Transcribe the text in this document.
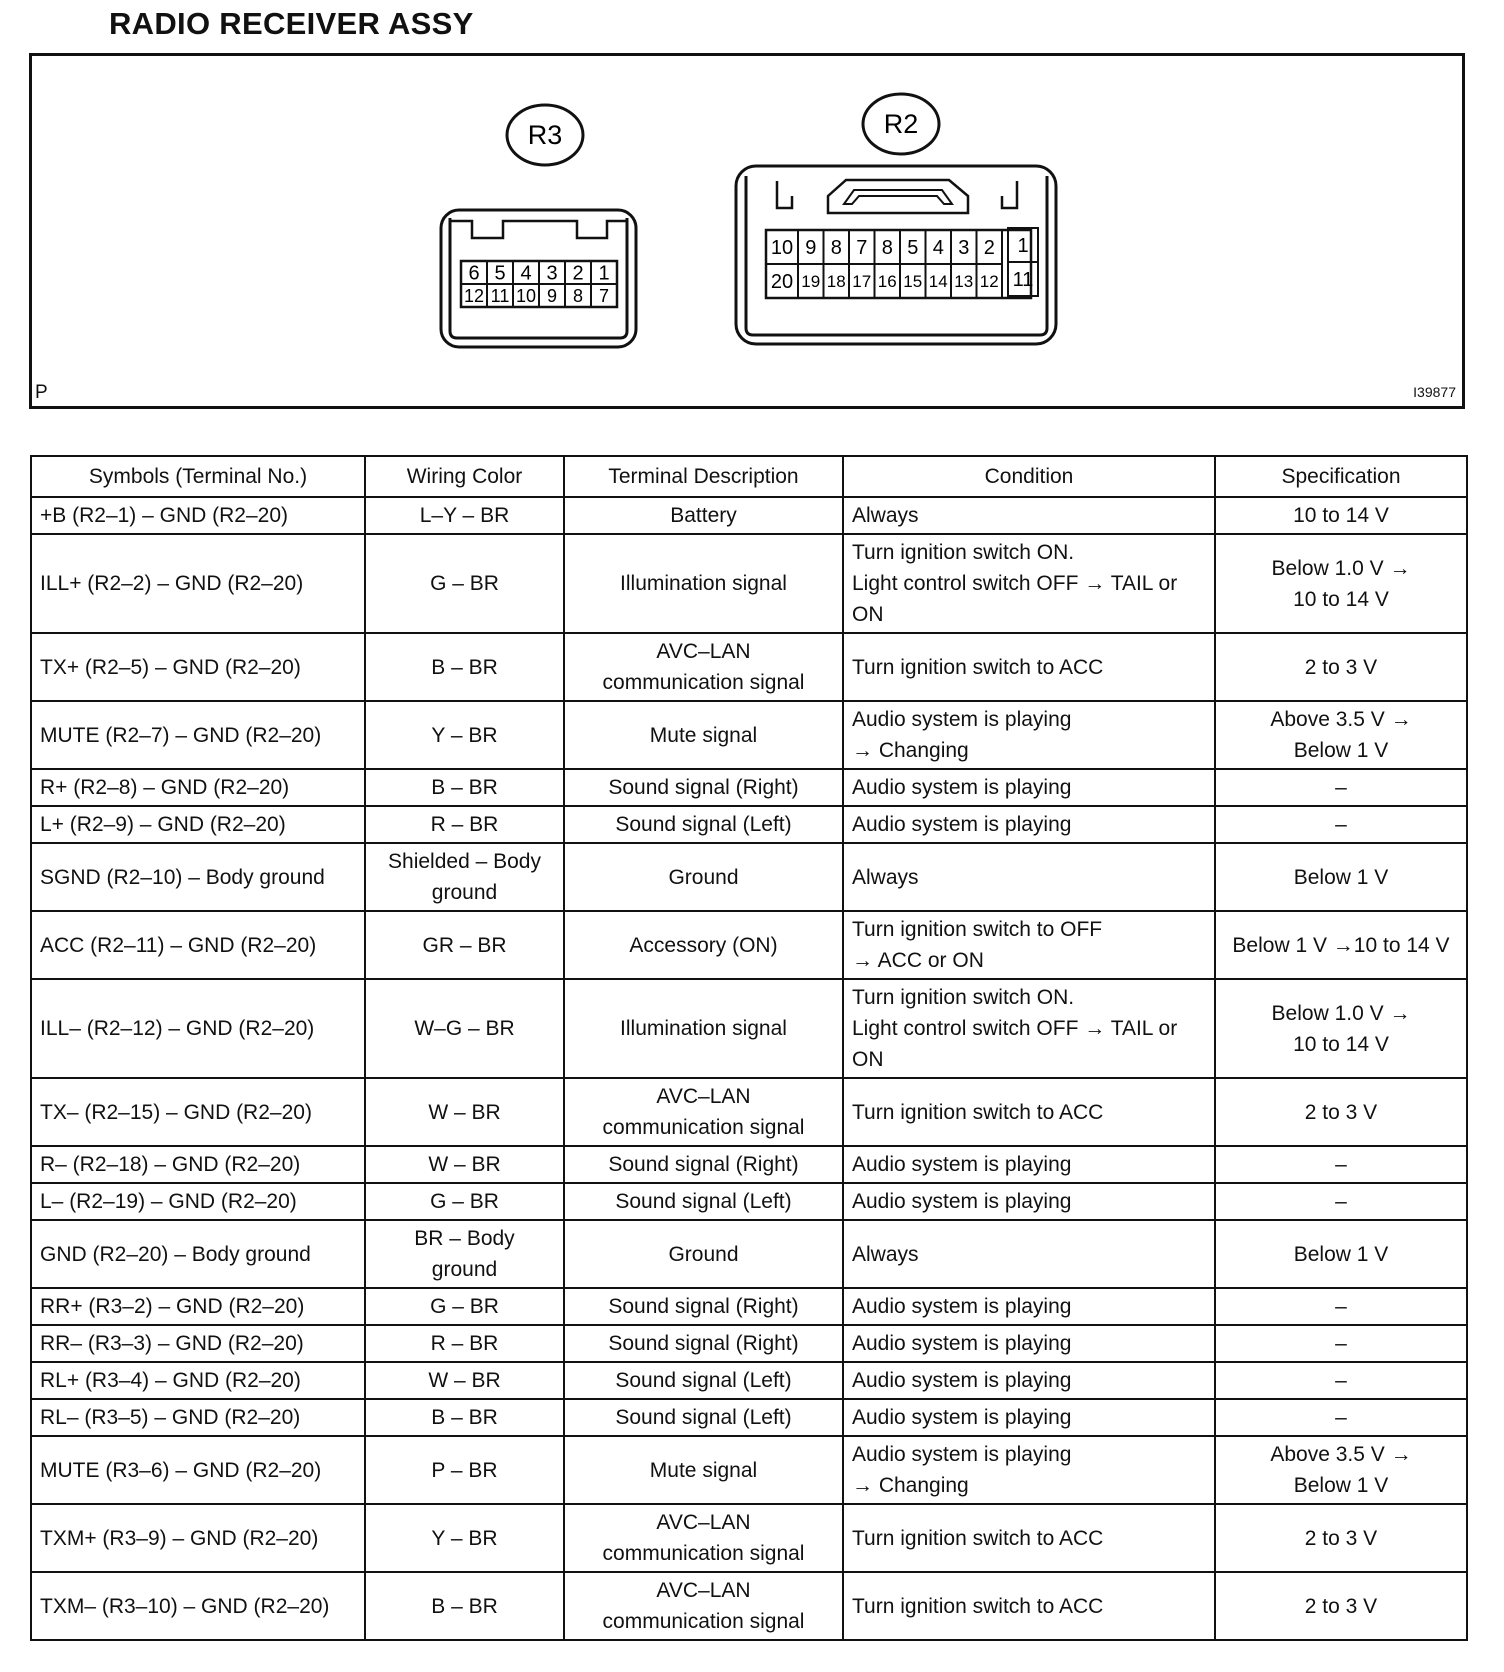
RADIO RECEIVER ASSY
6 5 4 3 2 1
12 11 10 9 8 7
10 9 8 7 8 5 4 3 2
20 19 18 17 16 15 14 13 12
1
11
R3	R2
P	I39877
Symbols (Terminal No.)	Wiring Color	Terminal Description	Condition	Specification
+B (R2–1) – GND (R2–20)	L–Y – BR	Battery	Always	10 to 14 V
ILL+ (R2–2) – GND (R2–20)	G – BR	Illumination signal	Turn ignition switch ON.
Light control switch OFF → TAIL or
ON	Below 1.0 V →
10 to 14 V
TX+ (R2–5) – GND (R2–20)	B – BR	AVC–LAN
communication signal	Turn ignition switch to ACC	2 to 3 V
MUTE (R2–7) – GND (R2–20)	Y – BR	Mute signal	Audio system is playing
→ Changing	Above 3.5 V →
Below 1 V
R+ (R2–8) – GND (R2–20)	B – BR	Sound signal (Right)	Audio system is playing	–
L+ (R2–9) – GND (R2–20)	R – BR	Sound signal (Left)	Audio system is playing	–
SGND (R2–10) – Body ground	Shielded – Body
ground	Ground	Always	Below 1 V
ACC (R2–11) – GND (R2–20)	GR – BR	Accessory (ON)	Turn ignition switch to OFF
→ ACC or ON	Below 1 V →10 to 14 V
ILL– (R2–12) – GND (R2–20)	W–G – BR	Illumination signal	Turn ignition switch ON.
Light control switch OFF → TAIL or
ON	Below 1.0 V →
10 to 14 V
TX– (R2–15) – GND (R2–20)	W – BR	AVC–LAN
communication signal	Turn ignition switch to ACC	2 to 3 V
R– (R2–18) – GND (R2–20)	W – BR	Sound signal (Right)	Audio system is playing	–
L– (R2–19) – GND (R2–20)	G – BR	Sound signal (Left)	Audio system is playing	–
GND (R2–20) – Body ground	BR – Body
ground	Ground	Always	Below 1 V
RR+ (R3–2) – GND (R2–20)	G – BR	Sound signal (Right)	Audio system is playing	–
RR– (R3–3) – GND (R2–20)	R – BR	Sound signal (Right)	Audio system is playing	–
RL+ (R3–4) – GND (R2–20)	W – BR	Sound signal (Left)	Audio system is playing	–
RL– (R3–5) – GND (R2–20)	B – BR	Sound signal (Left)	Audio system is playing	–
MUTE (R3–6) – GND (R2–20)	P – BR	Mute signal	Audio system is playing
→ Changing	Above 3.5 V →
Below 1 V
TXM+ (R3–9) – GND (R2–20)	Y – BR	AVC–LAN
communication signal	Turn ignition switch to ACC	2 to 3 V
TXM– (R3–10) – GND (R2–20)	B – BR	AVC–LAN
communication signal	Turn ignition switch to ACC	2 to 3 V
